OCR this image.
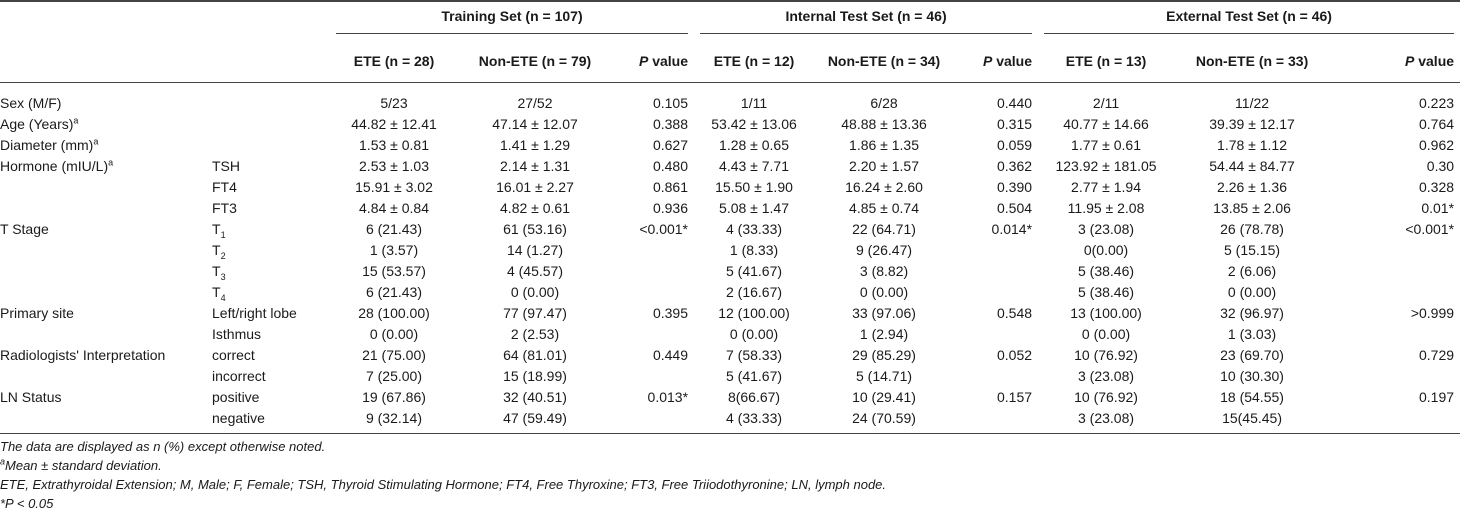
		Training Set (n = 107)			Internal Test Set (n = 46)			External Test Set (n = 46)		

		ETE (n = 28)	Non-ETE (n = 79)	P value	ETE (n = 12)	Non-ETE (n = 34)	P value	ETE (n = 13)	Non-ETE (n = 33)	P value
Sex (M/F)		5/23	27/52	0.105	1/11	6/28	0.440	2/11	11/22	0.223
Age (Years)$^a$		44.82 ± 12.41	47.14 ± 12.07	0.388	53.42 ± 13.06	48.88 ± 13.36	0.315	40.77 ± 14.66	39.39 ± 12.17	0.764
Diameter (mm)$^a$		1.53 ± 0.81	1.41 ± 1.29	0.627	1.28 ± 0.65	1.86 ± 1.35	0.059	1.77 ± 0.61	1.78 ± 1.12	0.962
Hormone $(mIU/L)^a$	TSH	2.53 ± 1.03	2.14 ± 1.31	0.480	4.43 ± 7.71	2.20 ± 1.57	0.362	123.92 ± 181.05	54.44 ± 84.77	0.30
	FT4	15.91 ± 3.02	16.01 ± 2.27	0.861	15.50 ± 1.90	16.24 ± 2.60	0.390	2.77 ± 1.94	2.26 ± 1.36	0.328
	FT3	4.84 ± 0.84	4.82 ± 0.61	0.936	5.08 ± 1.47	4.85 ± 0.74	0.504	11.95 ± 2.08	13.85 ± 2.06	0.01*
T Stage	$T_1$	6 (21.43)	61 (53.16)	<0.001*	4 (33.33)	22 (64.71)	0.014*	3 (23.08)	26 (78.78)	<0.001*
	$T_2$	1 (3.57)	14 (1.27)		1 (8.33)	9 (26.47)		0(0.00)	5 (15.15)	
	$T_3$	15 (53.57)	4 (45.57)		5 (41.67)	3 (8.82)		5 (38.46)	2 (6.06)	
	$T_4$	6 (21.43)	0 (0.00)		2 (16.67)	0 (0.00)		5 (38.46)	0 (0.00)	
Primary site	Left/right lobe	28 (100.00)	77 (97.47)	0.395	12 (100.00)	33 (97.06)	0.548	13 (100.00)	32 (96.97)	>0.999
	Isthmus	0 (0.00)	2 (2.53)		0 (0.00)	1 (2.94)		0 (0.00)	1 (3.03)	
Radiologists' Interpretation	correct	21 (75.00)	64 (81.01)	0.449	7 (58.33)	29 (85.29)	0.052	10 (76.92)	23 (69.70)	0.729
	incorrect	7 (25.00)	15 (18.99)		5 (41.67)	5 (14.71)		3 (23.08)	10 (30.30)	
LN Status	positive	19 (67.86)	32 (40.51)	0.013*	8(66.67)	10 (29.41)	0.157	10 (76.92)	18 (54.55)	0.197
	negative	9 (32.14)	47 (59.49)		4 (33.33)	24 (70.59)		3 (23.08)	15(45.45)	
The data are displayed as n (%) except otherwise noted.
$^a$Mean ± standard deviation.
ETE, Extrathyroidal Extension; M, Male; F, Female; TSH, Thyroid Stimulating Hormone; FT4, Free Thyroxine; FT3, Free Triiodothyronine; LN, lymph node.
*P < 0.05
